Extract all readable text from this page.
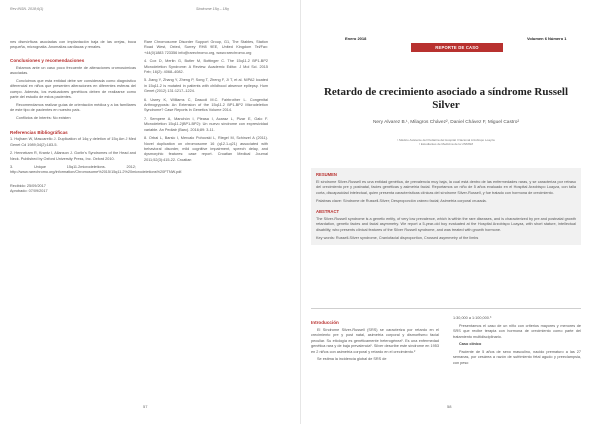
Rev INSN. 2018;6(1)	Síndrome 15q – 18q

nes dismórficas asociadas con implantación baja de las orejas, boca pequeña, micrognatia. Anomalías cardiacas y renales.

Conclusiones y recomendaciones

Estamos ante un caso poco frecuente de alteraciones cromosómicas asociadas.

Concluimos que esta entidad debe ser considerada como diagnóstico diferencial en niños que presenten alteraciones en diferentes esferas del cuerpo. Además, los evaluadores genéticos deben de realizarse como parte del estudio de estos pacientes.

Recomendamos realizar guías de orientación médica y a los familiares de este tipo de pacientes en nuestro país.

Conflictos de Interés: No existen

Referencias Bibliográficas

1. Hojham W, Mascarello J. Duplication of 14q y deletion of 15q Am J Med Genet Cd 1989;34(2):183-5.

2. Hennekam R, Krantz I, Allanson J. Gorlin's Syndromes of the Head and Neck. Published by Oxford University Press, Inc. Oxford 2010.

3. Unique 15q11.2microdeletions. 2012; http://www.rarechromo.org/information/Chromosome%2015/15q11.2%20microdeletions%20FTNW.pdf.

Recibido: 25/09/2017

Aprobado: 07/09/2017

Rare Chromosome Disorder Support Group, G1, The Stables, Station Road West, Oxted, Surrey RH8 9EE, United Kingdom Tel/Fax: +44(0)1883 723356 info@rarechromo.org, www.rarechromo.org

4. Cox D, Merlin G, Butler M, Bottinger C. The 15q11.2 BP1-BP2 Microdeletion Syndrome: A Review. Academic Editor. J Mol Sci. 2015 Feb; 16(2): 4068–4082.

5. Jiang Y, Zhang Y, Zheng P, Song T, Zheng F, Ji T, et al. NIPA2 located in 15q11.2 is mutated in patients with childhood absence epilepsy. Hum Genet (2012) 131:1217–1224.

6. Usrey K, Williams C, Dascoli M.C. Fairbrother L. Congenital Arthrogryposis: An Extension of the 15q11.2 BP1-BP2 Microdeletion Syndrome? Case Reports in Genetics Volume 2014.

7. Sempere A, Manchón I, Pleasa I, Acaraz L, Pizar E, Galo F. Microdeletion 15q11.2(BP1-BP2): Un nuevo síndrome con expresividad variable. An Pediatr (Barc). 2016;89: 3-11.

8. Orbai L, Barsic I, Mercalo Pohovski L, Riegel M, Schinzel A (2011). Novel duplication on chromosome 16 (q12.1-q21) associated with behavioral disorder, mild cognitive impairment, speech delay, and dysmorphic features: case report. Croatian Medical Journal 2011;52(3):415-22. Croatian

57
Enero 2018	Volumen 6 Número 1
REPORTE DE CASO
Retardo de crecimiento asociado a síndrome Russell Silver
Nery Alvarez B.¹, Milagros Chávez², Daniel Chávez F, Miguel Castro²
¹ Médico Asistente del Pediatría del Hospital I Nacional Arzobispo Loayza
² Estudiantes de Medicina de la UNMSM
RESUMEN

El síndrome Silver-Russell es una entidad genética, de prevalencia muy baja, la cual está dentro de las enfermedades raras, y se caracteriza por retraso del crecimiento pre y postnatal, facies genéticas y asimetría facial. Reportamos un niño de 5 años evaluado en el Hospital Arzobispo Loayza, con talla corta, discapacidad intelectual, quien presenta características clínicas del síndrome Silver-Russell, y fue tratado con hormona de crecimiento.

Palabras clave: Síndrome de Russell-Silver; Desproporción cráneo facial; Asimetría corporal cruzada.

ABSTRACT

The Silver-Russell syndrome is a genetic entity, of very low prevalence, which is within the rare diseases, and is characterized by pre and postnatal growth retardation, genetic facies and facial asymmetry. We report a 5-year-old boy evaluated at the Hospital Arzobispo Loayza, with short stature, intellectual disability, who presents clinical features of the Silver Russell syndrome, and was treated with growth hormone.

Key words: Russell-Silver syndrome, Craniofacial disproportion, Crossed asymmetry of the limbs

Introducción

El Síndrome Silver-Russell (SRS) se caracteriza por retardo en el crecimiento pre y post natal, asimetría corporal y dismorfismo facial peculiar. Su etiología es genéticamente heterogénea¹. Es una enfermedad genética rara y de baja prevalencia¹. Silver describe este síndrome en 1953 en 2 niños con asimetría corporal y retardo en el crecimiento.²

Se estima la incidencia global de SRS de

1:30,000 a 1:100,000.³

Presentamos el caso de un niño con criterios mayores y menores de SRS que recibe terapia con hormona de crecimiento como parte del tratamiento multidisciplinario.

Caso clínico

Paciente de 5 años de sexo masculino, nacido prematuro a las 27 semanas, por cesárea a razón de sufrimiento fetal agudo y preeclampsia, con peso

58
